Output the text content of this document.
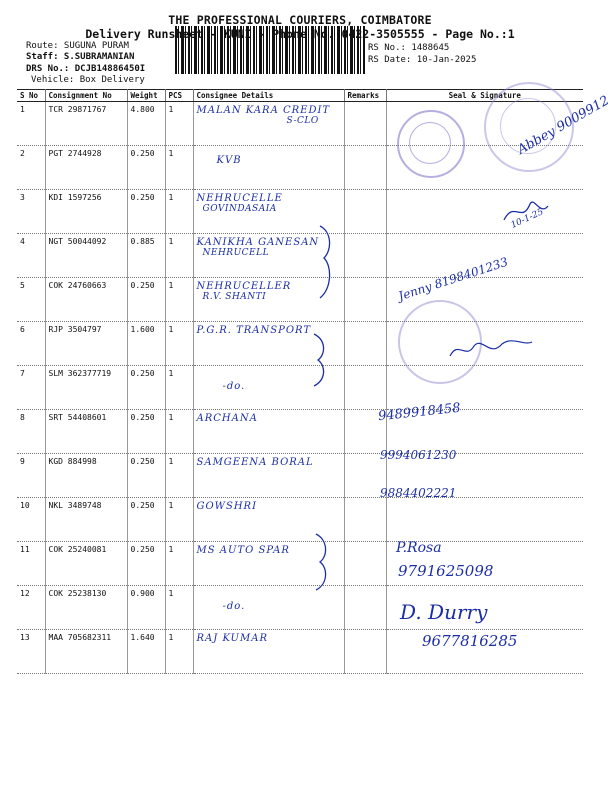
THE PROFESSIONAL COURIERS, COIMBATORE
Delivery Runsheet - KUNI - Phone No.:0422-3505555 - Page No.:1
Route: SUGUNA PURAM
Staff: S.SUBRAMANIAN
DRS No.: DCJB14886450I
Vehicle: Box Delivery
RS No.: 1488645
RS Date: 10-Jan-2025
S No	Consignment No	Weight	PCS	Consignee Details	Remarks	Seal & Signature
1	TCR 29871767	4.800	1	MALAN KARA CREDIT
S-CLO		

2	PGT 2744928	0.250	1	KVB		
3	KDI 1597256	0.250	1	NEHRUCELLE
GOVINDASAIA		

4	NGT 50044092	0.885	1	KANIKHA GANESAN
NEHRUCELL		

5	COK 24760663	0.250	1	NEHRUCELLER
R.V. SHANTI		

6	RJP 3504797	1.600	1	P.G.R. TRANSPORT		
7	SLM 362377719	0.250	1	-do.		
8	SRT 54408601	0.250	1	ARCHANA		
9	KGD 884998	0.250	1	SAMGEENA BORAL		
10	NKL 3489748	0.250	1	GOWSHRI		
11	COK 25240081	0.250	1	MS AUTO SPAR		
12	COK 25238130	0.900	1	-do.		
13	MAA 705682311	1.640	1	RAJ KUMAR		
Abbey 9009912
10-1-25
Jenny 8198401233
9489918458
9994061230
9884402221
P.Rosa
9791625098
D. Durry
9677816285
